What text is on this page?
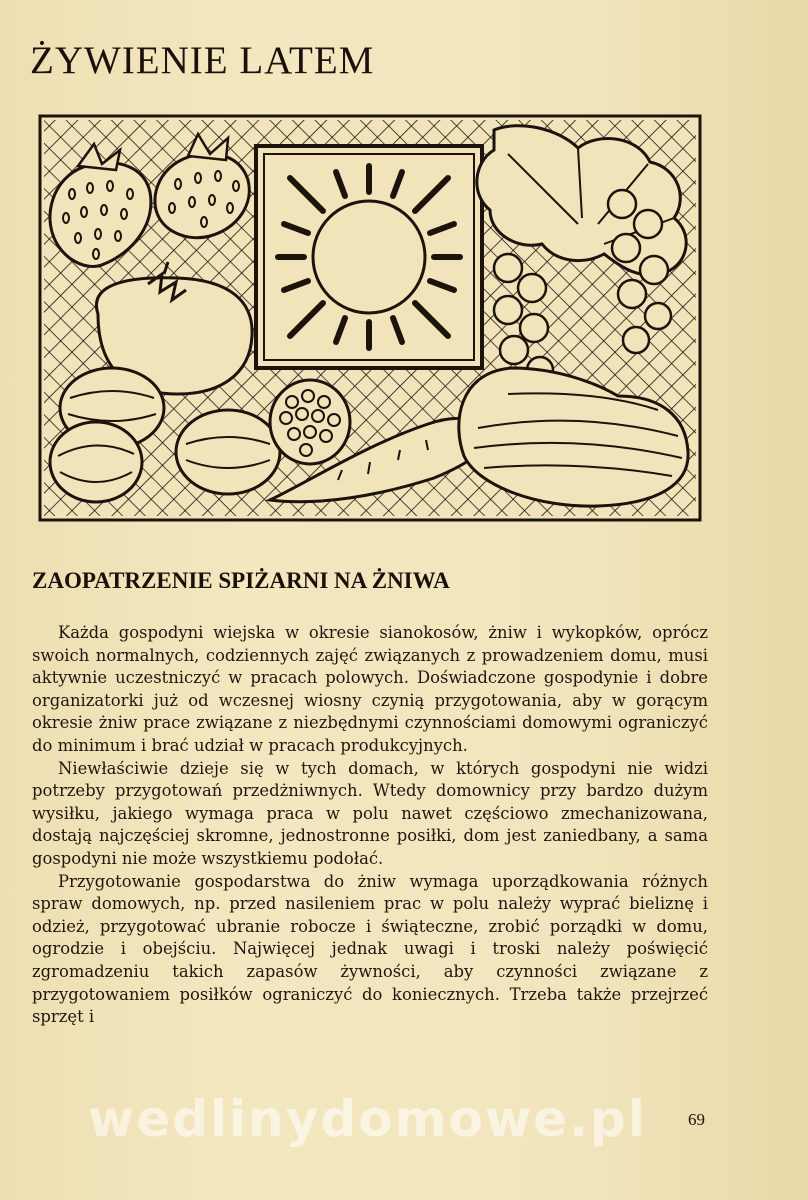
ŻYWIENIE LATEM
ZAOPATRZENIE SPIŻARNI NA ŻNIWA

Każda gospodyni wiejska w okresie sianokosów, żniw i wykopków, oprócz swoich normalnych, codziennych zajęć związanych z prowadzeniem domu, musi aktywnie uczestniczyć w pracach polowych. Doświadczone gospodynie i dobre organizatorki już od wczesnej wiosny czynią przygotowania, aby w gorącym okresie żniw prace związane z niezbędnymi czynnościami domowymi ograniczyć do minimum i brać udział w pracach produkcyjnych.

Niewłaściwie dzieje się w tych domach, w których gospodyni nie widzi potrzeby przygotowań przedżniwnych. Wtedy domownicy przy bardzo dużym wysiłku, jakiego wymaga praca w polu nawet częściowo zmechanizowana, dostają najczęściej skromne, jednostronne posiłki, dom jest zaniedbany, a sama gospodyni nie może wszystkiemu podołać.

Przygotowanie gospodarstwa do żniw wymaga uporządkowania różnych spraw domowych, np. przed nasileniem prac w polu należy wyprać bieliznę i odzież, przygotować ubranie robocze i świąteczne, zrobić porządki w domu, ogrodzie i obejściu. Najwięcej jednak uwagi i troski należy poświęcić zgromadzeniu takich zapasów żywności, aby czynności związane z przygotowaniem posiłków ograniczyć do koniecznych. Trzeba także przejrzeć sprzęt i

wedlinydomowe.pl 69
